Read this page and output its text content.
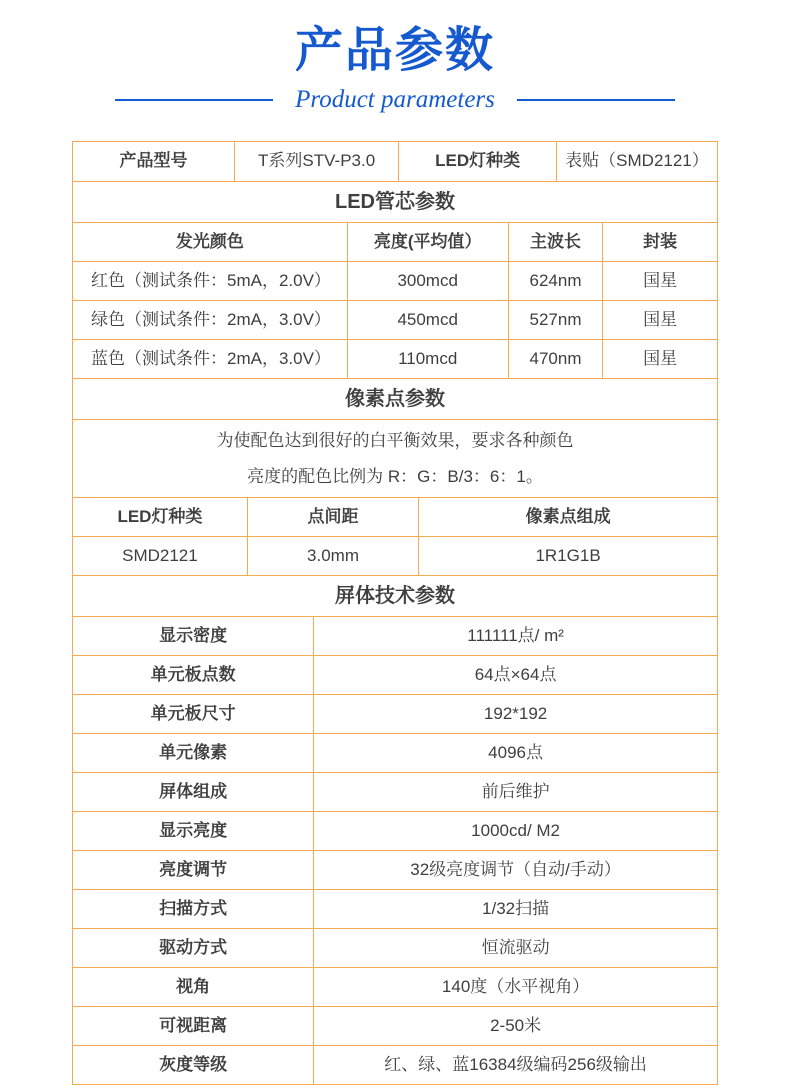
产品参数
Product parameters
产品型号	T系列STV-P3.0	LED灯种类	表贴（SMD2121）
LED管芯参数
发光颜色	亮度(平均值）	主波长	封装
红色（测试条件：5mA，2.0V）	300mcd	624nm	国星
绿色（测试条件：2mA，3.0V）	450mcd	527nm	国星
蓝色（测试条件：2mA，3.0V）	110mcd	470nm	国星
像素点参数
为使配色达到很好的白平衡效果，要求各种颜色
亮度的配色比例为 R：G：B/3：6：1。
LED灯种类	点间距	像素点组成
SMD2121	3.0mm	1R1G1B
屏体技术参数
显示密度	111111点/ m²
单元板点数	64点×64点
单元板尺寸	192*192
单元像素	4096点
屏体组成	前后维护
显示亮度	1000cd/ M2
亮度调节	32级亮度调节（自动/手动）
扫描方式	1/32扫描
驱动方式	恒流驱动
视角	140度（水平视角）
可视距离	2-50米
灰度等级	红、绿、蓝16384级编码256级输出
